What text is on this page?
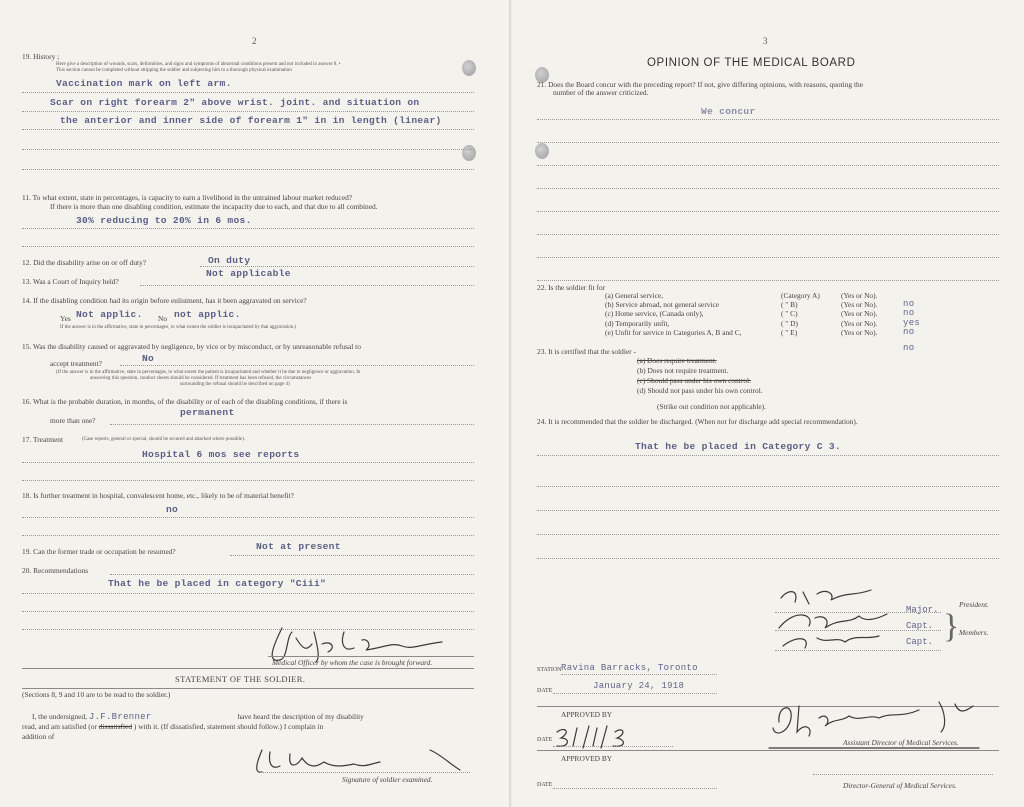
2
19. History ;
Here give a description of wounds, scars, deformities, and signs and symptoms of abnormal conditions present and not included in answer 8. •
This section cannot be completed without stripping the soldier and subjecting him to a thorough physical examination
Vaccination mark on left arm.
Scar on right forearm 2" above wrist. joint. and situation on
the anterior and inner side of forearm 1" in in length (linear)
11. To what extent, state in percentages, is capacity to earn a livelihood in the untrained labour market reduced?
If there is more than one disabling condition, estimate the incapacity due to each, and that due to all combined.
30% reducing to 20% in 6 mos.
12. Did the disability arise on or off duty?	On duty
13. Was a Court of Inquiry held?
Not applicable
14. If the disabling condition had its origin before enlistment, has it been aggravated on service?
Yes Not applic. No not applic.
If the answer is in the affirmative, state in percentages, to what extent the soldier is incapacitated by that aggravation.)
15. Was the disability caused or aggravated by negligence, by vice or by misconduct, or by unreasonable refusal to
accept treatment?	No
(If the answer is in the affirmative, state in percentages, to what extent the patient is incapacitated and whether it be due to negligence or aggravation. In
answering this question, conduct sheets should be considered. If treatment has been refused, the circumstances
surrounding the refusal should be described on page 4)
16. What is the probable duration, in months, of the disability or of each of the disabling conditions, if there is
permanent
more than one?
17. Treatment	(Case reports, general or special, should be secured and attached where possible).
Hospital 6 mos see reports
18. Is further treatment in hospital, convalescent home, etc., likely to be of material benefit?
no
19. Can the former trade or occupation be resumed?	Not at present
20. Recommendations
That he be placed in category "Ciii"
Medical Officer by whom the case is brought forward.
STATEMENT OF THE SOLDIER.
(Sections 8, 9 and 10 are to be read to the soldier.)
I, the undersigned, J.F.Brenner	have heard the description of my disability
read, and am satisfied (or dissatisfied ) with it. (If dissatisfied, statement should follow.) I complain in
addition of
Signature of soldier examined.
3
OPINION OF THE MEDICAL BOARD
21. Does the Board concur with the preceding report? If not, give differing opinions, with reasons, quoting the
number of the answer criticized.
We concur
22. Is the soldier fit for
no
23. It is certified that the soldier -
(a) Does require treatment.
(b) Does not require treatment.
(c) Should pass under his own control.
(d) Should not pass under his own control.
(Strike out condition not applicable).
24. It is recommended that the soldier be discharged. (When not for discharge add special recommendation).
That he be placed in Category C 3.
Major.
Capt.
Capt.
President.
} Members.
STATION Ravina Barracks, Toronto
DATE	January 24, 1918
APPROVED BY
DATE	Assistant Director of Medical Services.
APPROVED BY
DATE	Director-General of Medical Services.
(a) General service,	(Category A)	(Yes or No).
(b) Service abroad, not general service	( " B)	(Yes or No).	no
(c) Home service, (Canada only),	( " C)	(Yes or No).	no
(d) Temporarily unfit,	( " D)	(Yes or No).	yes
(e) Unfit for service in Categories A, B and C,	( " E)	(Yes or No).	no
